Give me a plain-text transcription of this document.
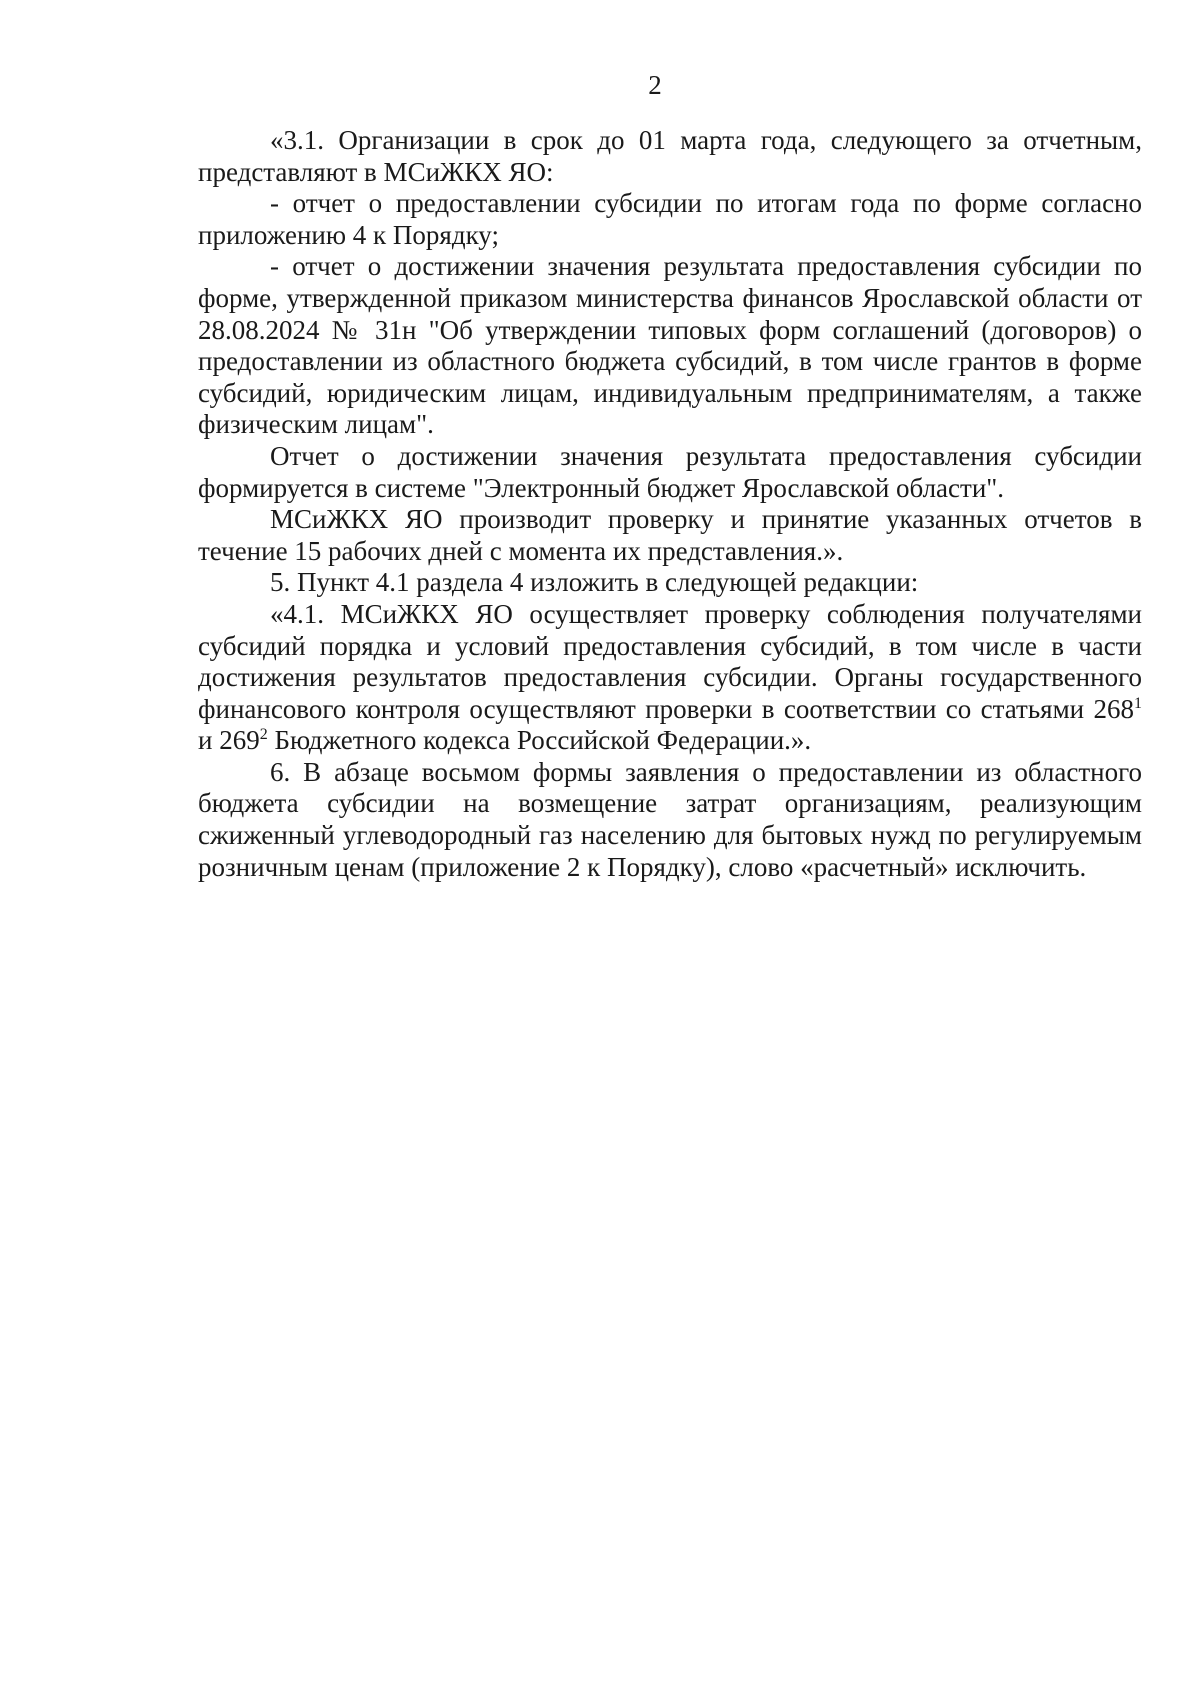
2

«3.1. Организации в срок до 01 марта года, следующего за отчетным, представляют в МСиЖКХ ЯО:

- отчет о предоставлении субсидии по итогам года по форме согласно приложению 4 к Порядку;

- отчет о достижении значения результата предоставления субсидии по форме, утвержденной приказом министерства финансов Ярославской области от 28.08.2024 № 31н "Об утверждении типовых форм соглашений (договоров) о предоставлении из областного бюджета субсидий, в том числе грантов в форме субсидий, юридическим лицам, индивидуальным предпринимателям, а также физическим лицам".

Отчет о достижении значения результата предоставления субсидии формируется в системе "Электронный бюджет Ярославской области".

МСиЖКХ ЯО производит проверку и принятие указанных отчетов в течение 15 рабочих дней с момента их представления.».

5. Пункт 4.1 раздела 4 изложить в следующей редакции:

«4.1. МСиЖКХ ЯО осуществляет проверку соблюдения получателями субсидий порядка и условий предоставления субсидий, в том числе в части достижения результатов предоставления субсидии. Органы государственного финансового контроля осуществляют проверки в соответствии со статьями $268^1$ и $269^2$ Бюджетного кодекса Российской Федерации.».

6. В абзаце восьмом формы заявления о предоставлении из областного бюджета субсидии на возмещение затрат организациям, реализующим сжиженный углеводородный газ населению для бытовых нужд по регулируемым розничным ценам (приложение 2 к Порядку), слово «расчетный» исключить.
